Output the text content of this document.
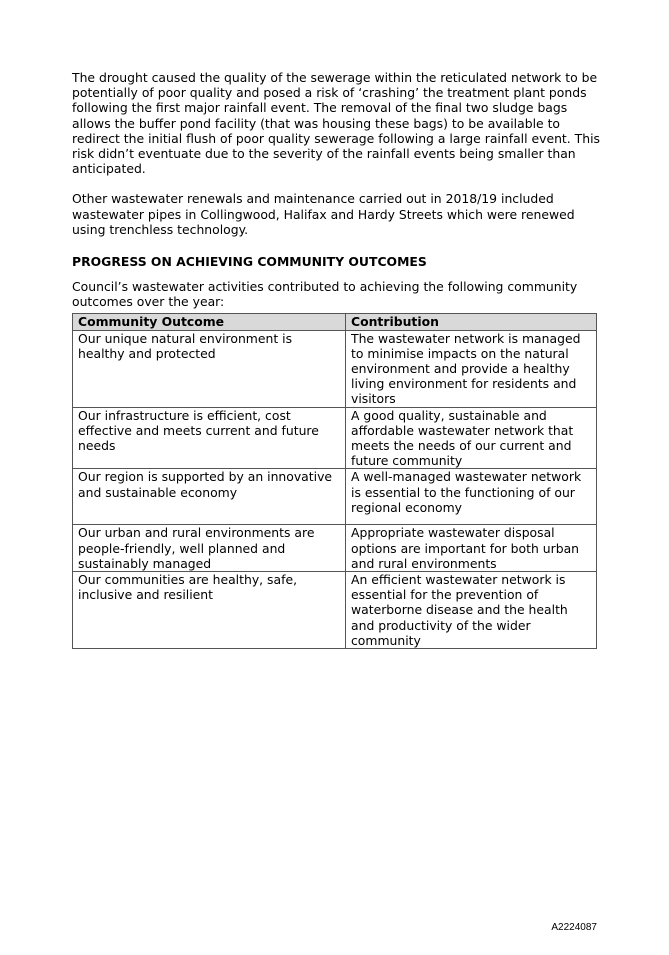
The drought caused the quality of the sewerage within the reticulated network to be potentially of poor quality and posed a risk of ‘crashing’ the treatment plant ponds following the first major rainfall event. The removal of the final two sludge bags allows the buffer pond facility (that was housing these bags) to be available to redirect the initial flush of poor quality sewerage following a large rainfall event. This risk didn’t eventuate due to the severity of the rainfall events being smaller than anticipated.

Other wastewater renewals and maintenance carried out in 2018/19 included wastewater pipes in Collingwood, Halifax and Hardy Streets which were renewed using trenchless technology.

PROGRESS ON ACHIEVING COMMUNITY OUTCOMES

Council’s wastewater activities contributed to achieving the following community outcomes over the year:

Community Outcome	Contribution
Our unique natural environment is healthy and protected	The wastewater network is managed to minimise impacts on the natural environment and provide a healthy living environment for residents and visitors
Our infrastructure is efficient, cost effective and meets current and future needs	A good quality, sustainable and affordable wastewater network that meets the needs of our current and future community
Our region is supported by an innovative and sustainable economy	A well-managed wastewater network is essential to the functioning of our regional economy
Our urban and rural environments are people-friendly, well planned and sustainably managed	Appropriate wastewater disposal options are important for both urban and rural environments
Our communities are healthy, safe, inclusive and resilient	An efficient wastewater network is essential for the prevention of waterborne disease and the health and productivity of the wider community
A2224087
